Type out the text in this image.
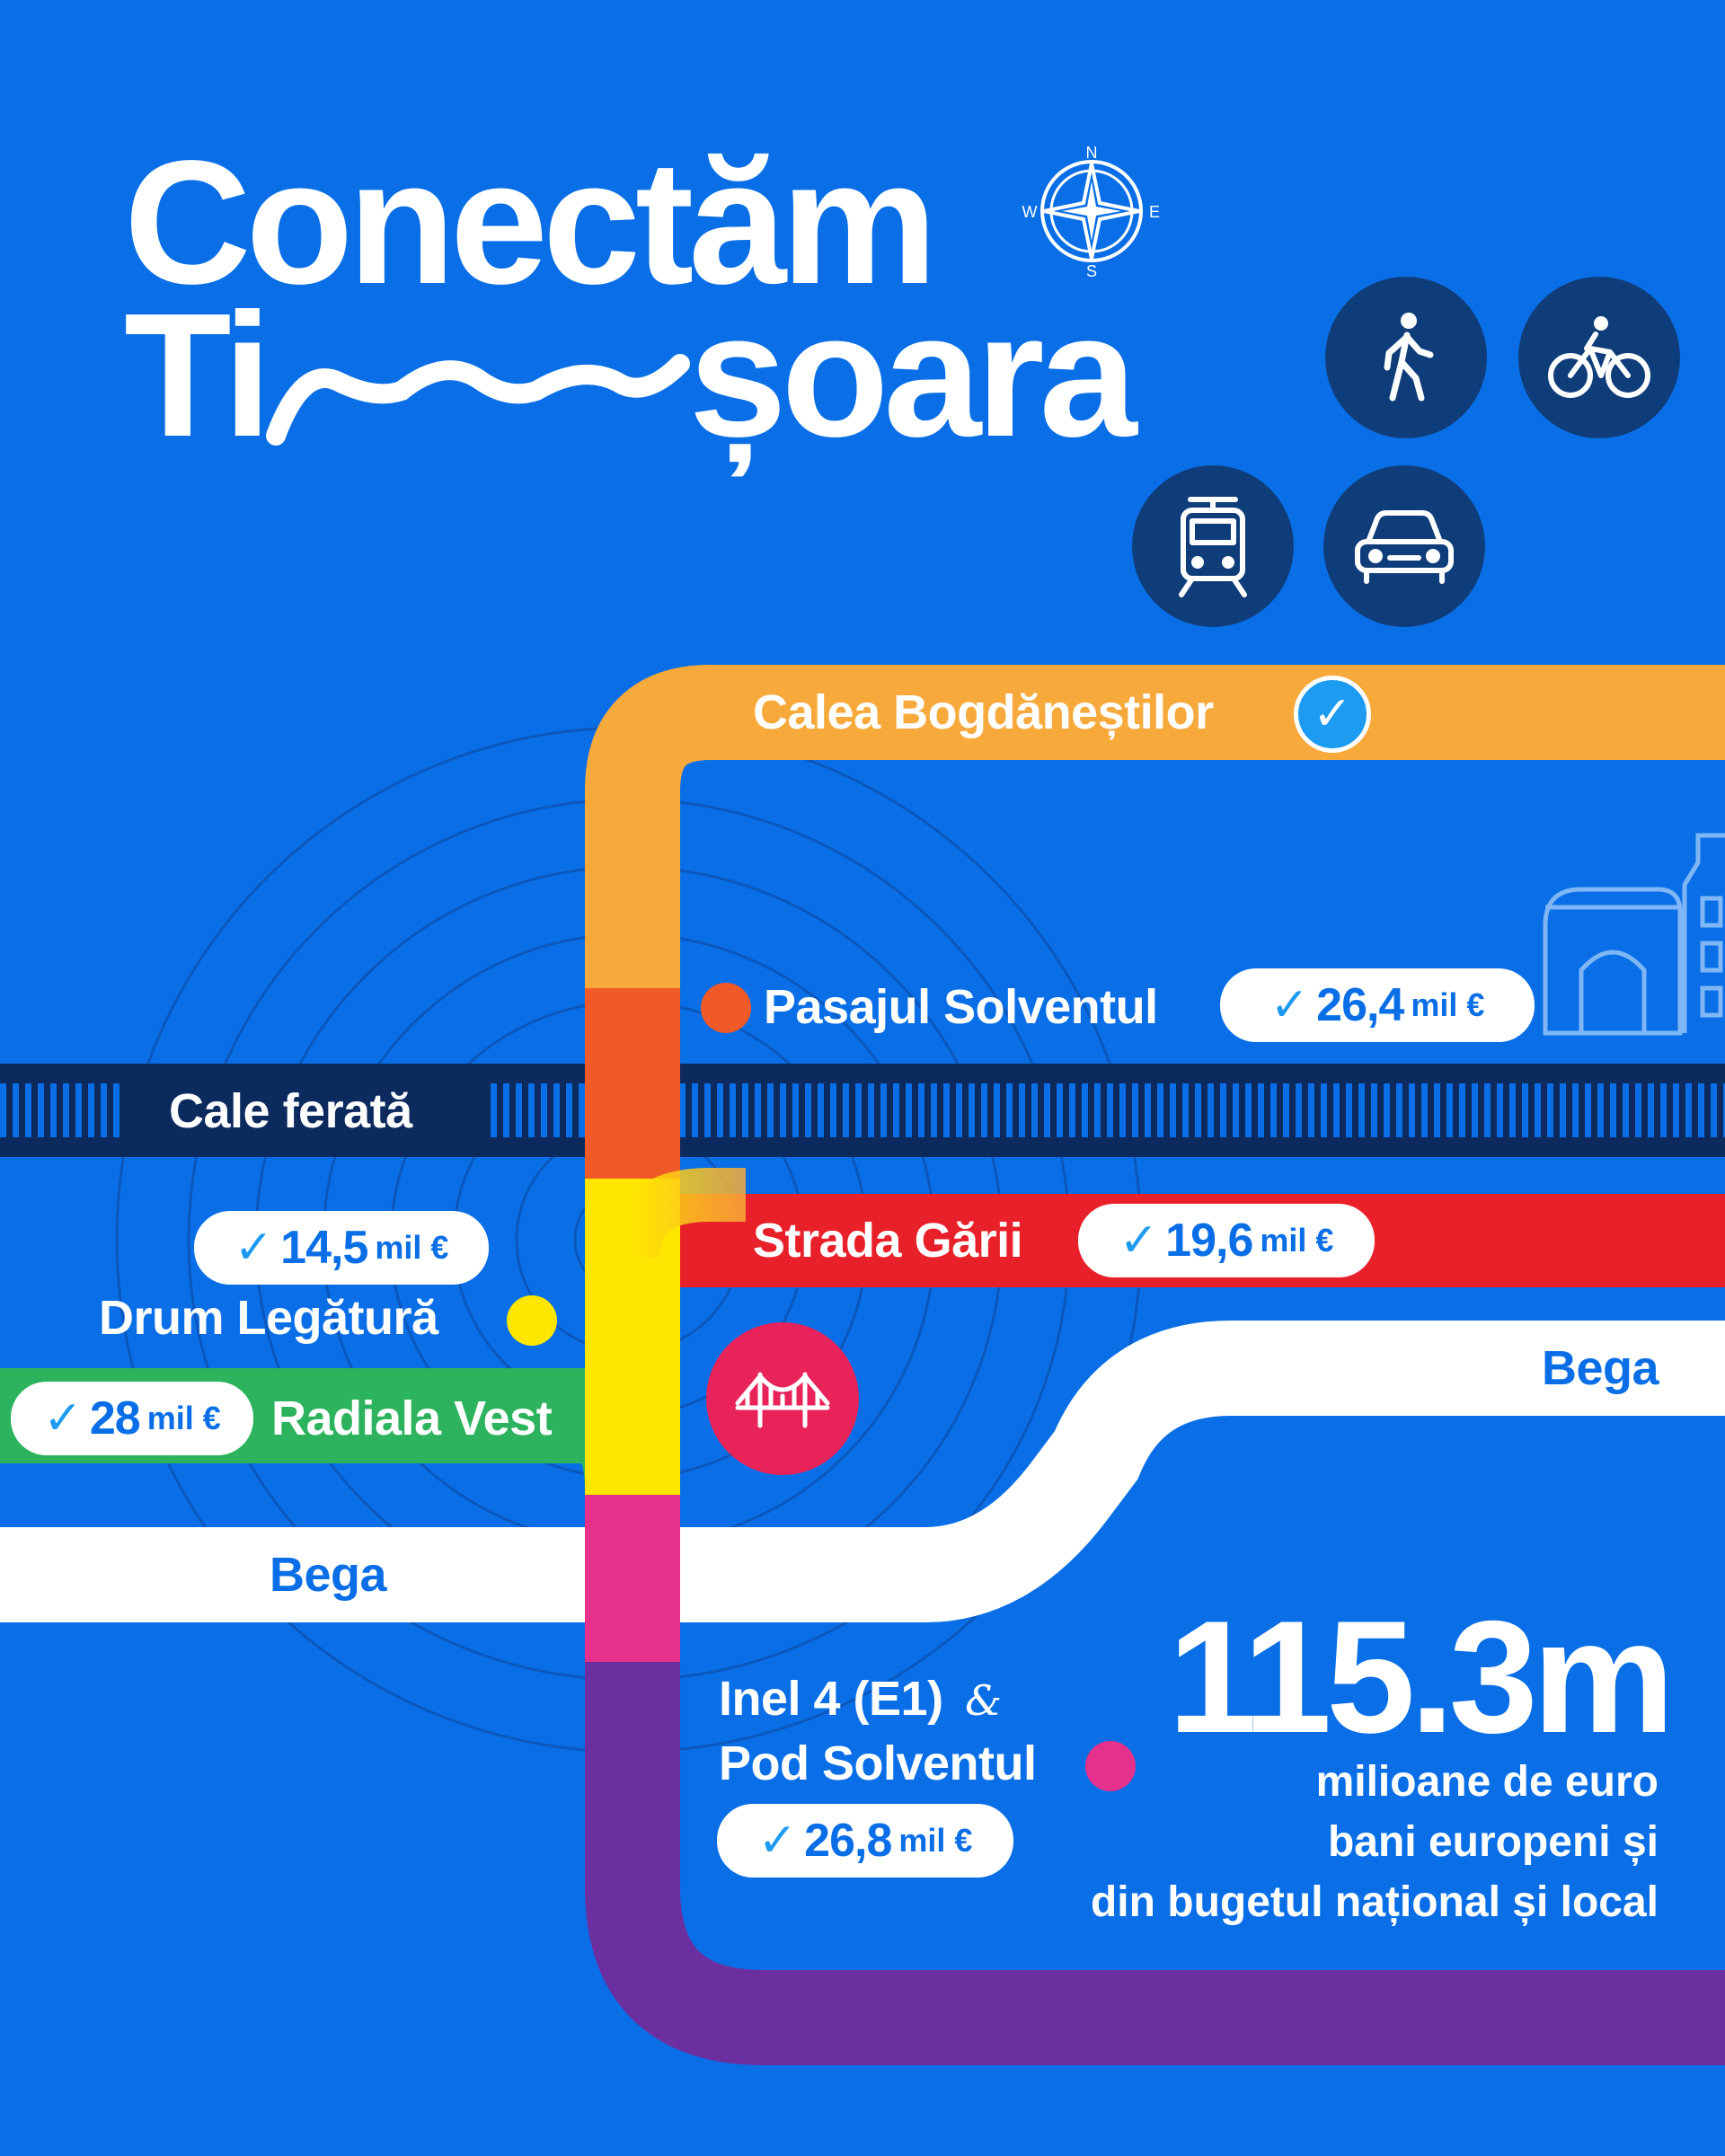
Conectăm
Ti șoara
N
E
S
W
Calea Bogdăneștilor ✓
Pasajul Solventul ✓ 26,4 mil €
Cale ferată
Strada Gării ✓ 19,6 mil €
✓ 14,5 mil €
Drum Legătură
✓ 28 mil € Radiala Vest
Bega
Bega
Inel 4 (E1) &
Pod Solventul
✓ 26,8 mil €
115.3m
milioane de euro
bani europeni și
din bugetul național și local
